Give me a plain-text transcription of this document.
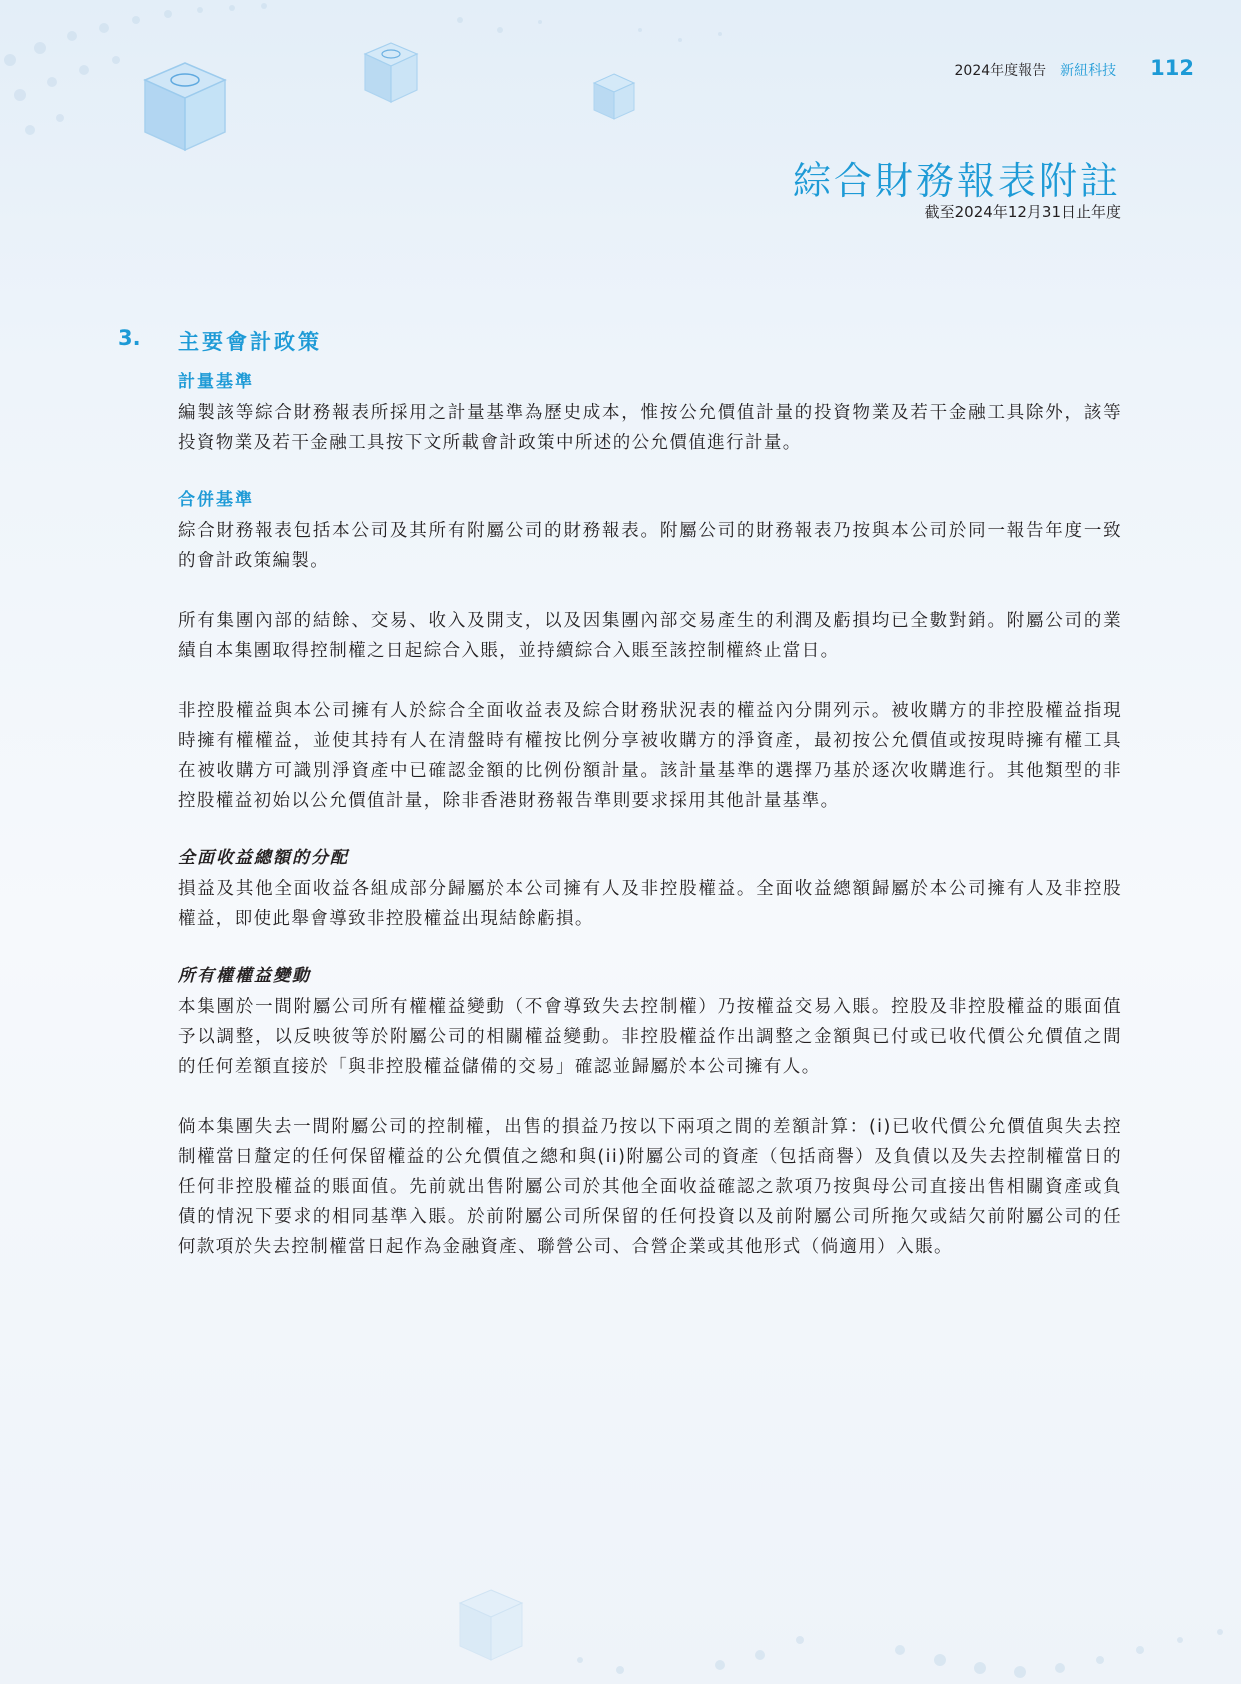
2024年度報告 新紐科技 112
綜合財務報表附註
截至2024年12月31日止年度
3.	主要會計政策
計量基準

編製該等綜合財務報表所採用之計量基準為歷史成本，惟按公允價值計量的投資物業及若干金融工具除外，該等投資物業及若干金融工具按下文所載會計政策中所述的公允價值進行計量。

合併基準

綜合財務報表包括本公司及其所有附屬公司的財務報表。附屬公司的財務報表乃按與本公司於同一報告年度一致的會計政策編製。

所有集團內部的結餘、交易、收入及開支，以及因集團內部交易產生的利潤及虧損均已全數對銷。附屬公司的業績自本集團取得控制權之日起綜合入賬，並持續綜合入賬至該控制權終止當日。

非控股權益與本公司擁有人於綜合全面收益表及綜合財務狀況表的權益內分開列示。被收購方的非控股權益指現時擁有權權益，並使其持有人在清盤時有權按比例分享被收購方的淨資產，最初按公允價值或按現時擁有權工具在被收購方可識別淨資產中已確認金額的比例份額計量。該計量基準的選擇乃基於逐次收購進行。其他類型的非控股權益初始以公允價值計量，除非香港財務報告準則要求採用其他計量基準。

全面收益總額的分配

損益及其他全面收益各組成部分歸屬於本公司擁有人及非控股權益。全面收益總額歸屬於本公司擁有人及非控股權益，即使此舉會導致非控股權益出現結餘虧損。

所有權權益變動

本集團於一間附屬公司所有權權益變動（不會導致失去控制權）乃按權益交易入賬。控股及非控股權益的賬面值予以調整，以反映彼等於附屬公司的相關權益變動。非控股權益作出調整之金額與已付或已收代價公允價值之間的任何差額直接於「與非控股權益儲備的交易」確認並歸屬於本公司擁有人。

倘本集團失去一間附屬公司的控制權，出售的損益乃按以下兩項之間的差額計算：(i)已收代價公允價值與失去控制權當日釐定的任何保留權益的公允價值之總和與(ii)附屬公司的資產（包括商譽）及負債以及失去控制權當日的任何非控股權益的賬面值。先前就出售附屬公司於其他全面收益確認之款項乃按與母公司直接出售相關資產或負債的情況下要求的相同基準入賬。於前附屬公司所保留的任何投資以及前附屬公司所拖欠或結欠前附屬公司的任何款項於失去控制權當日起作為金融資產、聯營公司、合營企業或其他形式（倘適用）入賬。
